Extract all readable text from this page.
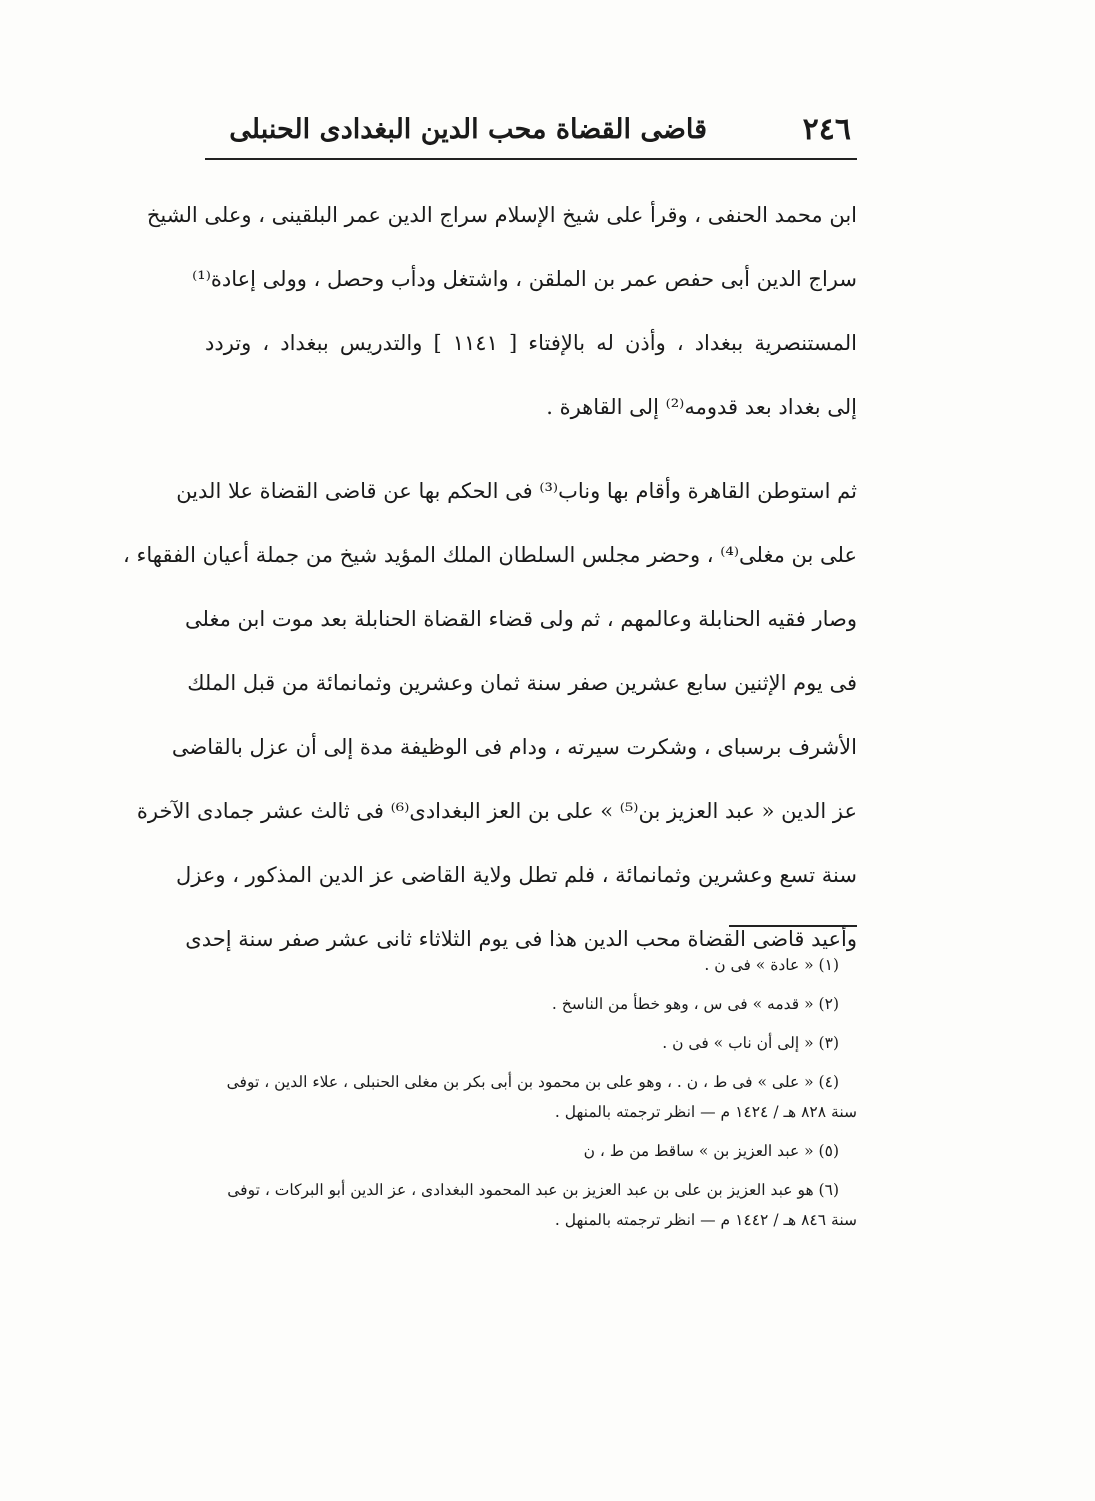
٢٤٦
قاضى القضاة محب الدين البغدادى الحنبلى
ابن محمد الحنفى ، وقرأ على شيخ الإسلام سراج الدين عمر البلقينى ، وعلى الشيخ
سراج الدين أبى حفص عمر بن الملقن ، واشتغل ودأب وحصل ، وولى إعادة⁽¹⁾
المستنصرية ببغداد ، وأذن له بالإفتاء [ ١١٤١ ] والتدريس ببغداد ، وتردد
إلى بغداد بعد قدومه⁽²⁾ إلى القاهرة .
ثم استوطن القاهرة وأقام بها وناب⁽³⁾ فى الحكم بها عن قاضى القضاة علا الدين
على بن مغلى⁽⁴⁾ ، وحضر مجلس السلطان الملك المؤيد شيخ من جملة أعيان الفقهاء ،
وصار فقيه الحنابلة وعالمهم ، ثم ولى قضاء القضاة الحنابلة بعد موت ابن مغلى
فى يوم الإثنين سابع عشرين صفر سنة ثمان وعشرين وثمانمائة من قبل الملك
الأشرف برسباى ، وشكرت سيرته ، ودام فى الوظيفة مدة إلى أن عزل بالقاضى
عز الدين « عبد العزيز بن⁽⁵⁾ » على بن العز البغدادى⁽⁶⁾ فى ثالث عشر جمادى الآخرة
سنة تسع وعشرين وثمانمائة ، فلم تطل ولاية القاضى عز الدين المذكور ، وعزل
وأعيد قاضى القضاة محب الدين هذا فى يوم الثلاثاء ثانى عشر صفر سنة إحدى
(١) « عادة » فى ن .
(٢) « قدمه » فى س ، وهو خطأ من الناسخ .
(٣) « إلى أن ناب » فى ن .
(٤) « على » فى ط ، ن . ، وهو على بن محمود بن أبى بكر بن مغلى الحنبلى ، علاء الدين ، توفى سنة ٨٢٨ هـ / ١٤٢٤ م — انظر ترجمته بالمنهل .
(٥) « عبد العزيز بن » ساقط من ط ، ن
(٦) هو عبد العزيز بن على بن عبد العزيز بن عبد المحمود البغدادى ، عز الدين أبو البركات ، توفى سنة ٨٤٦ هـ / ١٤٤٢ م — انظر ترجمته بالمنهل .
